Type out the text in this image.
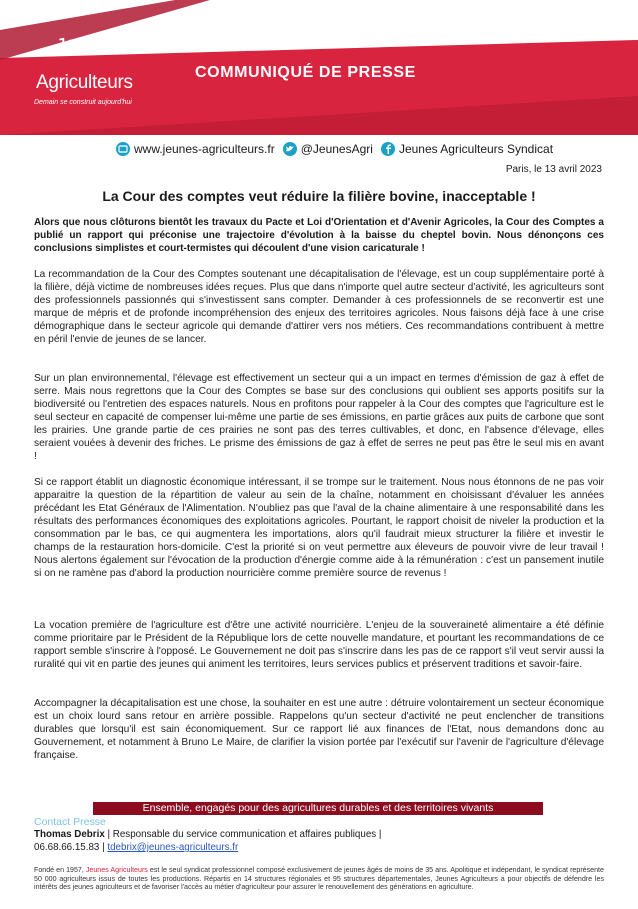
Jeunes
Agriculteurs
Demain se construit aujourd'hui
COMMUNIQUÉ DE PRESSE
www.jeunes-agriculteurs.fr @JeunesAgri Jeunes Agriculteurs Syndicat
Paris, le 13 avril 2023
La Cour des comptes veut réduire la filière bovine, inacceptable !
Alors que nous clôturons bientôt les travaux du Pacte et Loi d'Orientation et d'Avenir Agricoles, la Cour des Comptes a publié un rapport qui préconise une trajectoire d'évolution à la baisse du cheptel bovin. Nous dénonçons ces conclusions simplistes et court-termistes qui découlent d'une vision caricaturale !
La recommandation de la Cour des Comptes soutenant une décapitalisation de l'élevage, est un coup supplémentaire porté à la filière, déjà victime de nombreuses idées reçues. Plus que dans n'importe quel autre secteur d'activité, les agriculteurs sont des professionnels passionnés qui s'investissent sans compter. Demander à ces professionnels de se reconvertir est une marque de mépris et de profonde incompréhension des enjeux des territoires agricoles. Nous faisons déjà face à une crise démographique dans le secteur agricole qui demande d'attirer vers nos métiers. Ces recommandations contribuent à mettre en péril l'envie de jeunes de se lancer.
Sur un plan environnemental, l'élevage est effectivement un secteur qui a un impact en termes d'émission de gaz à effet de serre. Mais nous regrettons que la Cour des Comptes se base sur des conclusions qui oublient ses apports positifs sur la biodiversité ou l'entretien des espaces naturels. Nous en profitons pour rappeler à la Cour des comptes que l'agriculture est le seul secteur en capacité de compenser lui-même une partie de ses émissions, en partie grâces aux puits de carbone que sont les prairies. Une grande partie de ces prairies ne sont pas des terres cultivables, et donc, en l'absence d'élevage, elles seraient vouées à devenir des friches. Le prisme des émissions de gaz à effet de serres ne peut pas être le seul mis en avant !
Si ce rapport établit un diagnostic économique intéressant, il se trompe sur le traitement. Nous nous étonnons de ne pas voir apparaitre la question de la répartition de valeur au sein de la chaîne, notamment en choisissant d'évaluer les années précédant les Etat Généraux de l'Alimentation. N'oubliez pas que l'aval de la chaine alimentaire à une responsabilité dans les résultats des performances économiques des exploitations agricoles. Pourtant, le rapport choisit de niveler la production et la consommation par le bas, ce qui augmentera les importations, alors qu'il faudrait mieux structurer la filière et investir le champs de la restauration hors-domicile. C'est la priorité si on veut permettre aux éleveurs de pouvoir vivre de leur travail ! Nous alertons également sur l'évocation de la production d'énergie comme aide à la rémunération : c'est un pansement inutile si on ne ramène pas d'abord la production nourricière comme première source de revenus !
La vocation première de l'agriculture est d'être une activité nourricière. L'enjeu de la souveraineté alimentaire a été définie comme prioritaire par le Président de la République lors de cette nouvelle mandature, et pourtant les recommandations de ce rapport semble s'inscrire à l'opposé. Le Gouvernement ne doit pas s'inscrire dans les pas de ce rapport s'il veut servir aussi la ruralité qui vit en partie des jeunes qui animent les territoires, leurs services publics et préservent traditions et savoir-faire.
Accompagner la décapitalisation est une chose, la souhaiter en est une autre : détruire volontairement un secteur économique est un choix lourd sans retour en arrière possible. Rappelons qu'un secteur d'activité ne peut enclencher de transitions durables que lorsqu'il est sain économiquement. Sur ce rapport lié aux finances de l'Etat, nous demandons donc au Gouvernement, et notamment à Bruno Le Maire, de clarifier la vision portée par l'exécutif sur l'avenir de l'agriculture d'élevage française.
Ensemble, engagés pour des agricultures durables et des territoires vivants
Contact Presse
Thomas Debrix | Responsable du service communication et affaires publiques |
06.68.66.15.83 | tdebrix@jeunes-agriculteurs.fr
Fondé en 1957, Jeunes Agriculteurs est le seul syndicat professionnel composé exclusivement de jeunes âgés de moins de 35 ans. Apolitique et indépendant, le syndicat représente 50 000 agriculteurs issus de toutes les productions. Répartis en 14 structures régionales et 95 structures départementales, Jeunes Agriculteurs a pour objectifs de défendre les intérêts des jeunes agriculteurs et de favoriser l'accès au métier d'agriculteur pour assurer le renouvellement des générations en agriculture.
